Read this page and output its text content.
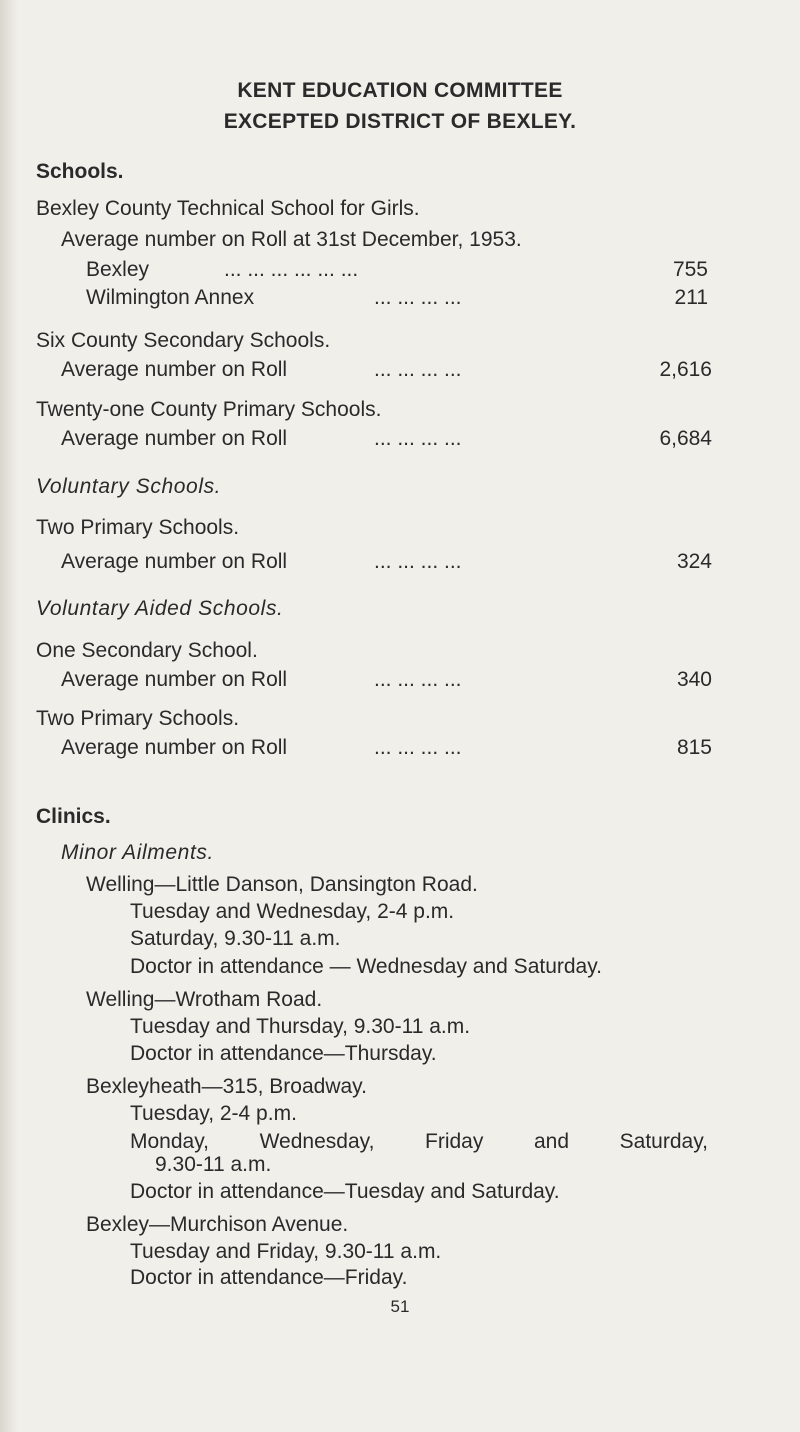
KENT EDUCATION COMMITTEE
EXCEPTED DISTRICT OF BEXLEY.
Schools.
Bexley County Technical School for Girls.
Average number on Roll at 31st December, 1953.
Bexley	... ... ... ... ... ...	755
Wilmington Annex	... ... ... ...	211
Six County Secondary Schools.
Average number on Roll	... ... ... ...	2,616
Twenty-one County Primary Schools.
Average number on Roll	... ... ... ...	6,684
Voluntary Schools.
Two Primary Schools.
Average number on Roll	... ... ... ...	324
Voluntary Aided Schools.
One Secondary School.
Average number on Roll	... ... ... ...	340
Two Primary Schools.
Average number on Roll	... ... ... ...	815
Clinics.
Minor Ailments.
Welling—Little Danson, Dansington Road.
Tuesday and Wednesday, 2-4 p.m.
Saturday, 9.30-11 a.m.
Doctor in attendance — Wednesday and Saturday.
Welling—Wrotham Road.
Tuesday and Thursday, 9.30-11 a.m.
Doctor in attendance—Thursday.
Bexleyheath—315, Broadway.
Tuesday, 2-4 p.m.
Monday, Wednesday, Friday and Saturday,
9.30-11 a.m.
Doctor in attendance—Tuesday and Saturday.
Bexley—Murchison Avenue.
Tuesday and Friday, 9.30-11 a.m.
Doctor in attendance—Friday.
51
